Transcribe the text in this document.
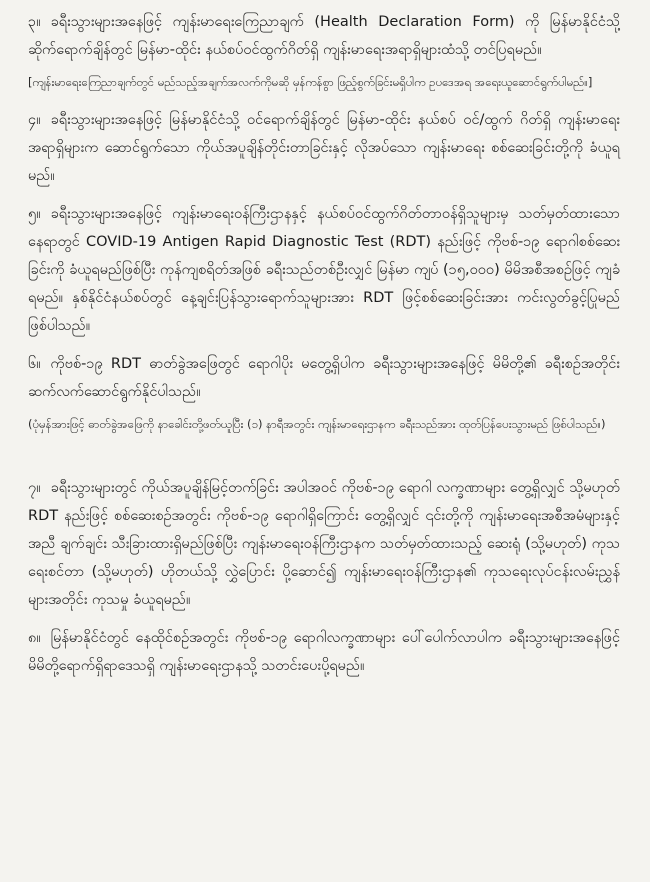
၃။ ခရီးသွားများအနေဖြင့် ကျန်းမာရေးကြေညာချက် (Health Declaration Form) ကို မြန်မာနိုင်ငံသို့ ဆိုက်ရောက်ချိန်တွင် မြန်မာ-ထိုင်း နယ်စပ်ဝင်ထွက်ဂိတ်ရှိ ကျန်းမာရေးအရာရှိများထံသို့ တင်ပြရမည်။

[ကျန်းမာရေးကြေညာချက်တွင် မည်သည့်အချက်အလက်ကိုမဆို မှန်ကန်စွာ ဖြည့်စွက်ခြင်းမရှိပါက ဥပဒေအရ အရေးယူဆောင်ရွက်ပါမည်။]

၄။ ခရီးသွားများအနေဖြင့် မြန်မာနိုင်ငံသို့ ဝင်ရောက်ချိန်တွင် မြန်မာ-ထိုင်း နယ်စပ် ဝင်/ထွက် ဂိတ်ရှိ ကျန်းမာရေးအရာရှိများက ဆောင်ရွက်သော ကိုယ်အပူချိန်တိုင်းတာခြင်းနှင့် လိုအပ်သော ကျန်းမာရေး စစ်ဆေးခြင်းတို့ကို ခံယူရမည်။

၅။ ခရီးသွားများအနေဖြင့် ကျန်းမာရေးဝန်ကြီးဌာနနှင့် နယ်စပ်ဝင်ထွက်ဂိတ်တာဝန်ရှိသူများမှ သတ်မှတ်ထားသောနေရာတွင် COVID-19 Antigen Rapid Diagnostic Test (RDT) နည်းဖြင့် ကိုဗစ်-၁၉ ရောဂါစစ်ဆေးခြင်းကို ခံယူရမည်ဖြစ်ပြီး ကုန်ကျစရိတ်အဖြစ် ခရီးသည်တစ်ဦးလျှင် မြန်မာ ကျပ် (၁၅,၀၀၀) မိမိအစီအစဉ်ဖြင့် ကျခံရမည်။ နှစ်နိုင်ငံနယ်စပ်တွင် နေ့ချင်းပြန်သွားရောက်သူများအား RDT ဖြင့်စစ်ဆေးခြင်းအား ကင်းလွတ်ခွင့်ပြုမည် ဖြစ်ပါသည်။

၆။ ကိုဗစ်-၁၉ RDT ဓာတ်ခွဲအဖြေတွင် ရောဂါပိုး မတွေ့ရှိပါက ခရီးသွားများအနေဖြင့် မိမိတို့၏ ခရီးစဉ်အတိုင်း ဆက်လက်ဆောင်ရွက်နိုင်ပါသည်။

(ပုံမှန်အားဖြင့် ဓာတ်ခွဲအဖြေကို နာခေါင်းတို့ဖတ်ယူပြီး (၁) နာရီအတွင်း ကျန်းမာရေးဌာနက ခရီးသည်အား ထုတ်ပြန်ပေးသွားမည် ဖြစ်ပါသည်။)

၇။ ခရီးသွားများတွင် ကိုယ်အပူချိန်မြင့်တက်ခြင်း အပါအဝင် ကိုဗစ်-၁၉ ရောဂါ လက္ခဏာများ တွေ့ရှိလျှင် သို့မဟုတ် RDT နည်းဖြင့် စစ်ဆေးစဉ်အတွင်း ကိုဗစ်-၁၉ ရောဂါရှိကြောင်း တွေ့ရှိလျှင် ၎င်းတို့ကို ကျန်းမာရေးအစီအမံများနှင့်အညီ ချက်ချင်း သီးခြားထားရှိမည်ဖြစ်ပြီး ကျန်းမာရေးဝန်ကြီးဌာနက သတ်မှတ်ထားသည့် ဆေးရုံ (သို့မဟုတ်) ကုသရေးစင်တာ (သို့မဟုတ်) ဟိုတယ်သို့ လွှဲပြောင်း ပို့ဆောင်၍ ကျန်းမာရေးဝန်ကြီးဌာန၏ ကုသရေးလုပ်ငန်းလမ်းညွှန်များအတိုင်း ကုသမှု ခံယူရမည်။

၈။ မြန်မာနိုင်ငံတွင် နေထိုင်စဉ်အတွင်း ကိုဗစ်-၁၉ ရောဂါလက္ခဏာများ ပေါ်ပေါက်လာပါက ခရီးသွားများအနေဖြင့် မိမိတို့ရောက်ရှိရာဒေသရှိ ကျန်းမာရေးဌာနသို့ သတင်းပေးပို့ရမည်။
